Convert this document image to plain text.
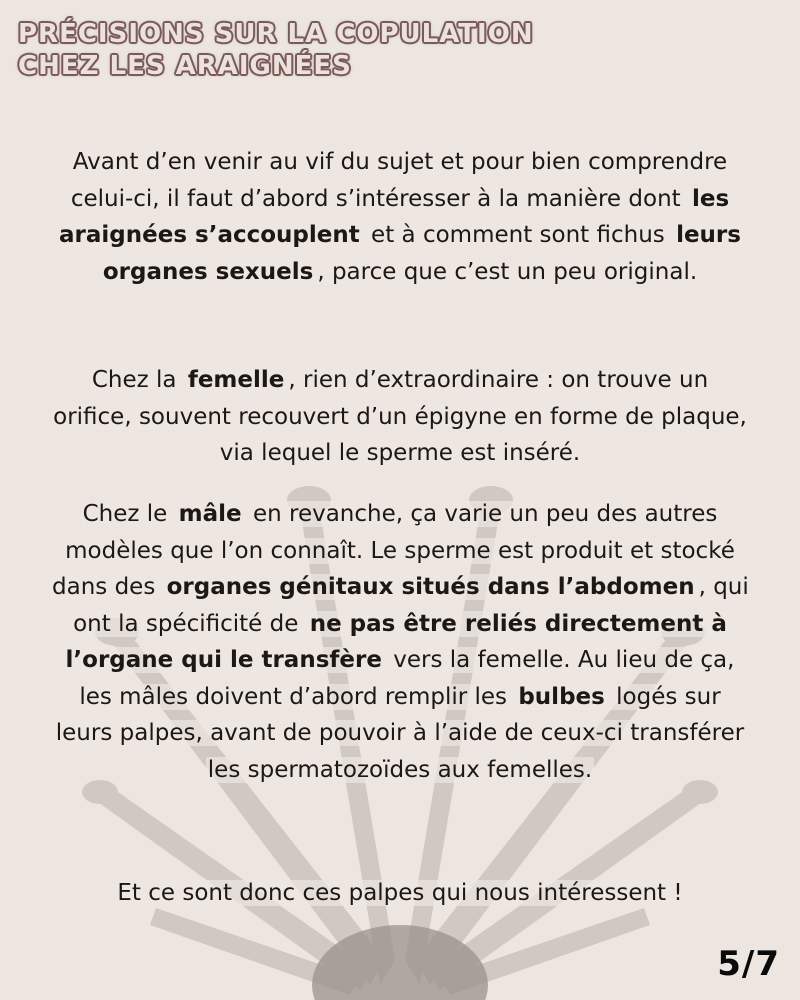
PRÉCISIONS SUR LA COPULATION
CHEZ LES ARAIGNÉES

Avant d’en venir au vif du sujet et pour bien comprendre celui-ci, il faut d’abord s’intéresser à la manière dont les araignées s’accouplent et à comment sont fichus leurs organes sexuels , parce que c’est un peu original.

Chez la femelle , rien d’extraordinaire : on trouve un orifice, souvent recouvert d’un épigyne en forme de plaque, via lequel le sperme est inséré.

Chez le mâle en revanche, ça varie un peu des autres modèles que l’on connaît. Le sperme est produit et stocké dans des organes génitaux situés dans l’abdomen , qui ont la spécificité de ne pas être reliés directement à l’organe qui le transfère vers la femelle. Au lieu de ça, les mâles doivent d’abord remplir les bulbes logés sur leurs palpes, avant de pouvoir à l’aide de ceux-ci transférer les spermatozoïdes aux femelles.

Et ce sont donc ces palpes qui nous intéressent !

5/7
